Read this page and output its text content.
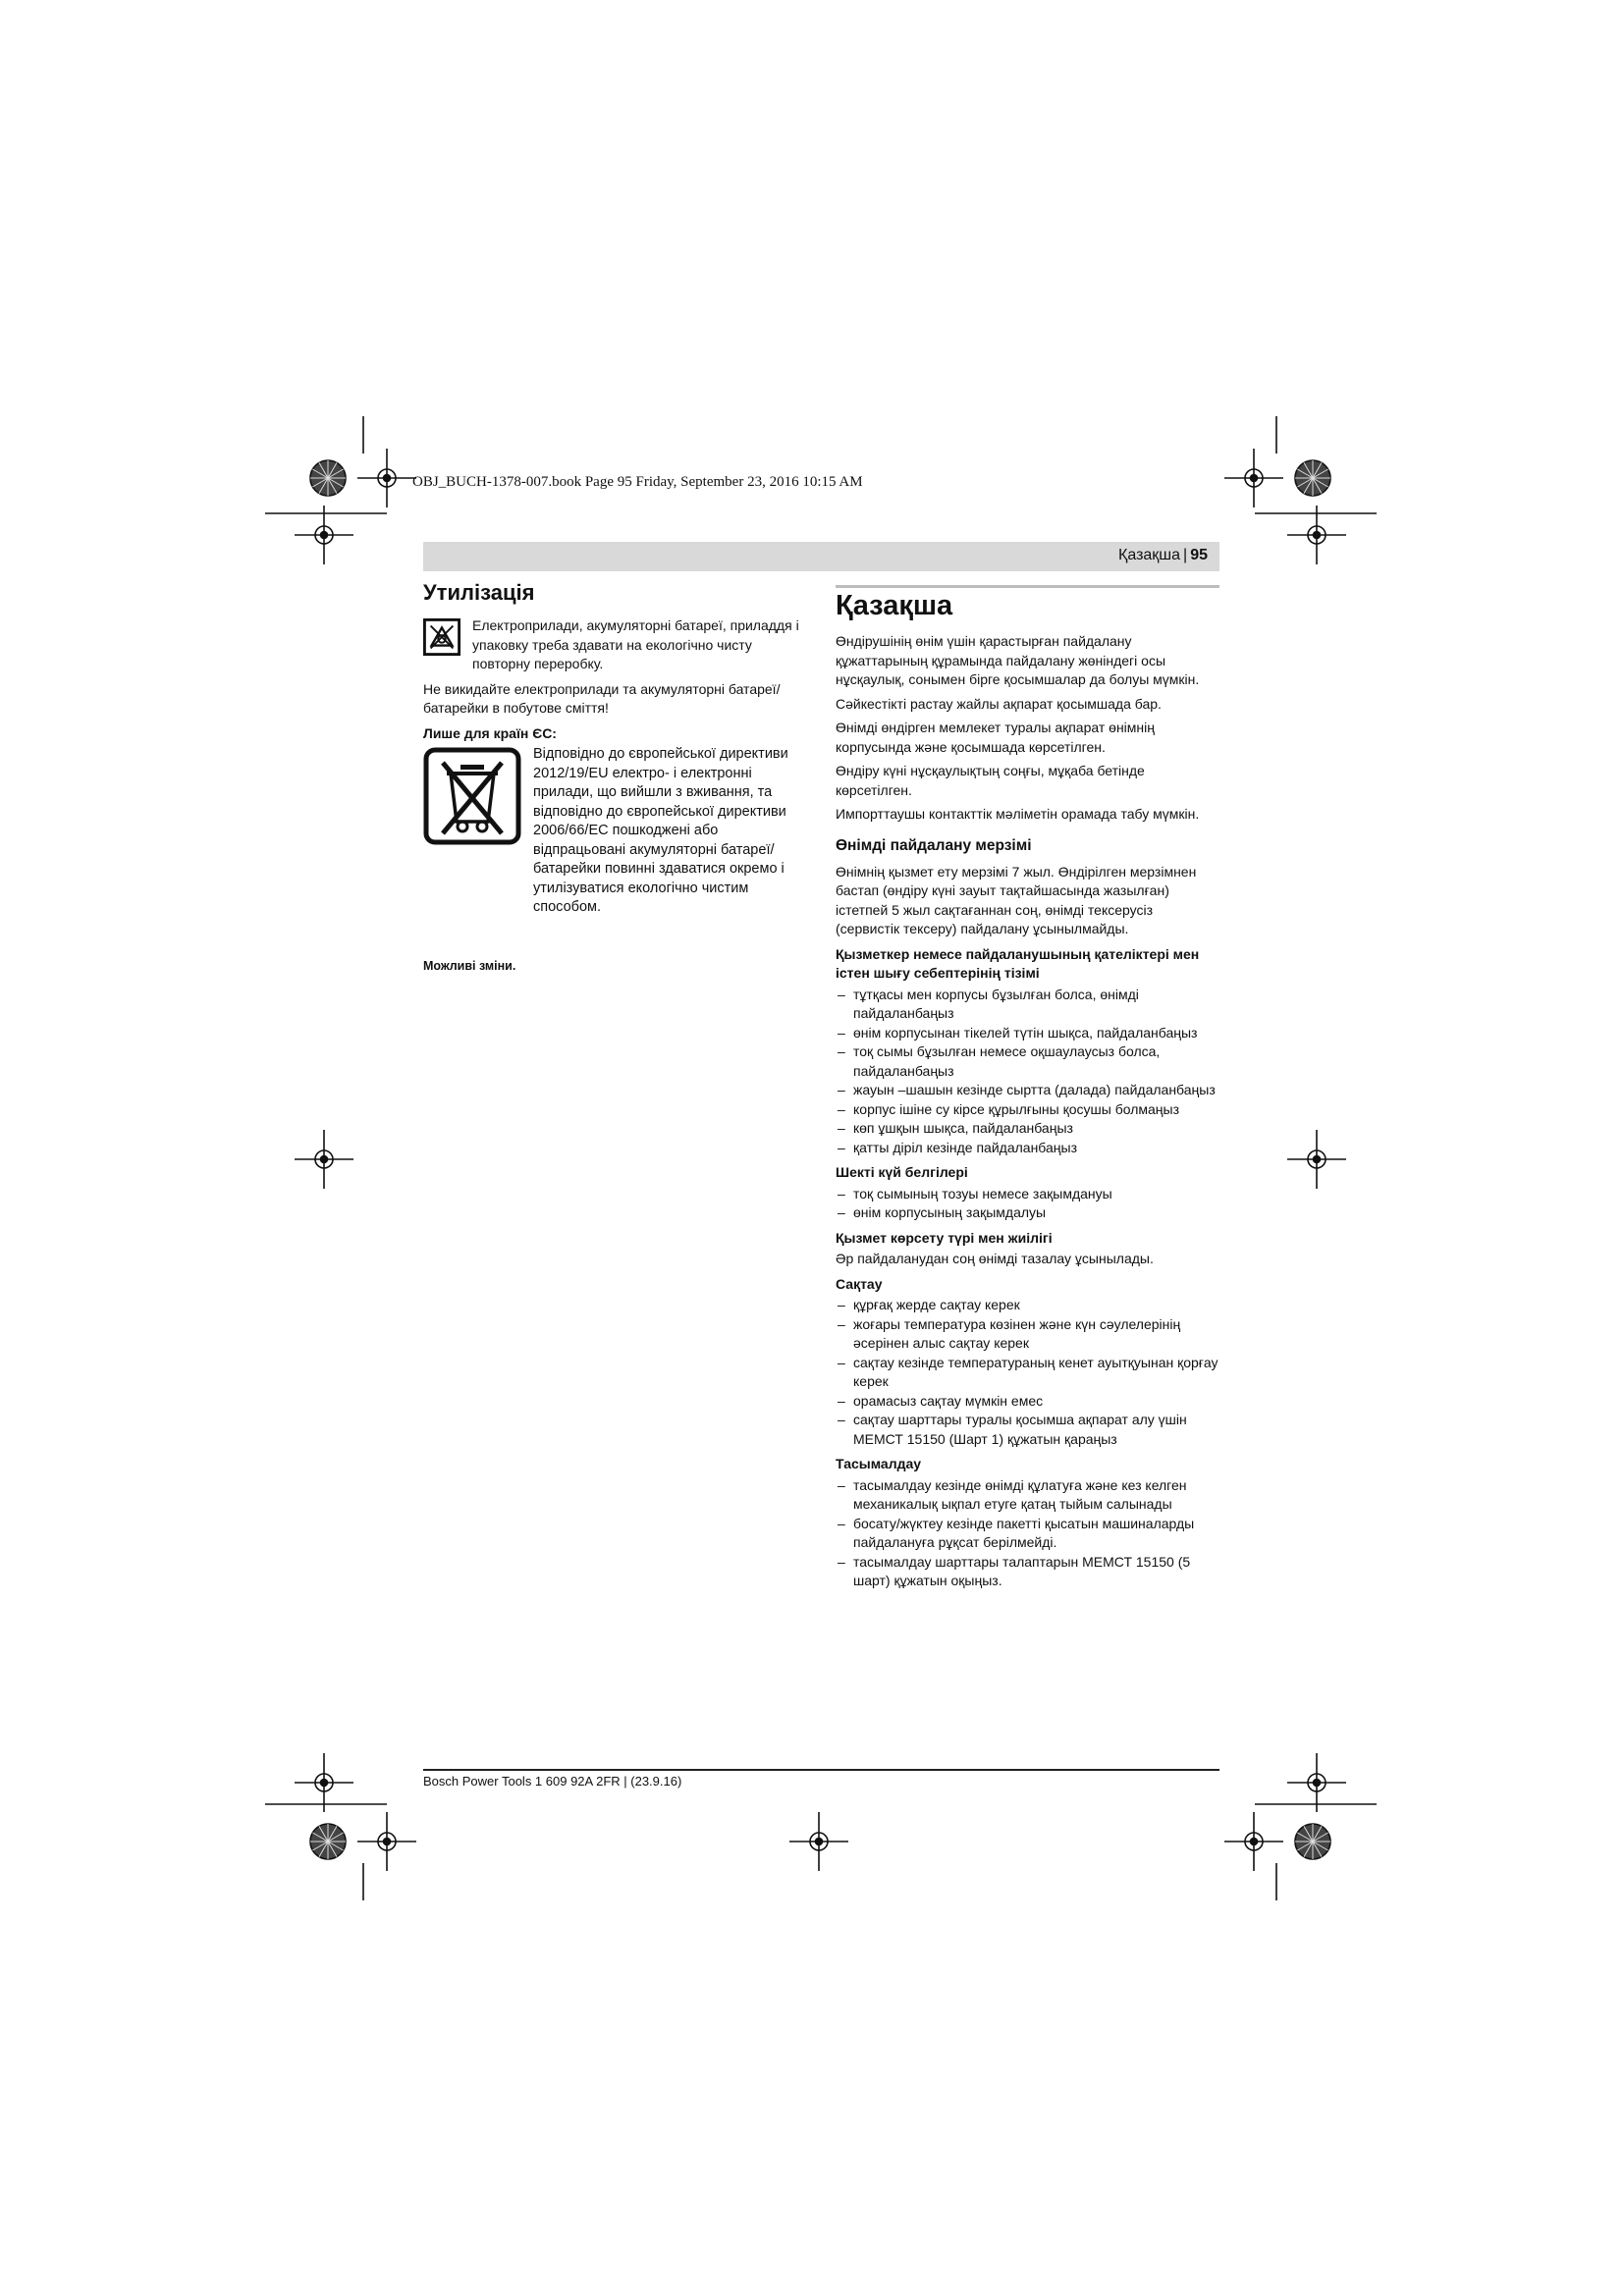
OBJ_BUCH-1378-007.book Page 95 Friday, September 23, 2016 10:15 AM
Қазақша | 95
Утилізація
Електроприлади, акумуляторні батареї, приладдя і упаковку треба здавати на екологічно чисту повторну переробку.

Не викидайте електроприлади та акумуляторні батареї/батарейки в побутове сміття!

Лише для країн ЄС:
Відповідно до європейської директиви 2012/19/EU електро- і електронні прилади, що вийшли з вживання, та відповідно до європейської директиви 2006/66/EC пошкоджені або відпрацьовані акумуляторні батареї/батарейки повинні здаватися окремо і утилізуватися екологічно чистим способом.
Можливі зміни.
Қазақша

Өндірушінің өнім үшін қарастырған пайдалану құжаттарының құрамында пайдалану жөніндегі осы нұсқаулық, сонымен бірге қосымшалар да болуы мүмкін.

Сәйкестікті растау жайлы ақпарат қосымшада бар.

Өнімді өндірген мемлекет туралы ақпарат өнімнің корпусында және қосымшада көрсетілген.

Өндіру күні нұсқаулықтың соңғы, мұқаба бетінде көрсетілген.

Импорттаушы контакттік мәліметін орамада табу мүмкін.

Өнімді пайдалану мерзімі

Өнімнің қызмет ету мерзімі 7 жыл. Өндірілген мерзімнен бастап (өндіру күні зауыт тақтайшасында жазылған) істетпей 5 жыл сақтағаннан соң, өнімді тексерусіз (сервистік тексеру) пайдалану ұсынылмайды.

Қызметкер немесе пайдаланушының қателіктері мен істен шығу себептерінің тізімі
– тұтқасы мен корпусы бұзылған болса, өнімді пайдаланбаңыз
– өнім корпусынан тікелей түтін шықса, пайдаланбаңыз
– тоқ сымы бұзылған немесе оқшаулаусыз болса, пайдаланбаңыз
– жауын –шашын кезінде сыртта (далада) пайдаланбаңыз
– корпус ішіне су кірсе құрылғыны қосушы болмаңыз
– көп ұшқын шықса, пайдаланбаңыз
– қатты діріл кезінде пайдаланбаңыз
Шекті күй белгілері
– тоқ сымының тозуы немесе зақымдануы
– өнім корпусының зақымдалуы
Қызмет көрсету түрі мен жиілігі

Әр пайдаланудан соң өнімді тазалау ұсынылады.

Сақтау
– құрғақ жерде сақтау керек
– жоғары температура көзінен және күн сәулелерінің әсерінен алыс сақтау керек
– сақтау кезінде температураның кенет ауытқуынан қорғау керек
– орамасыз сақтау мүмкін емес
– сақтау шарттары туралы қосымша ақпарат алу үшін МЕМСТ 15150 (Шарт 1) құжатын қараңыз
Тасымалдау
– тасымалдау кезінде өнімді құлатуға және кез келген механикалық ықпал етуге қатаң тыйым салынады
– босату/жүктеу кезінде пакетті қысатын машиналарды пайдалануға рұқсат берілмейді.
– тасымалдау шарттары талаптарын МЕМСТ 15150 (5 шарт) құжатын оқыңыз.
Bosch Power Tools 1 609 92A 2FR | (23.9.16)
